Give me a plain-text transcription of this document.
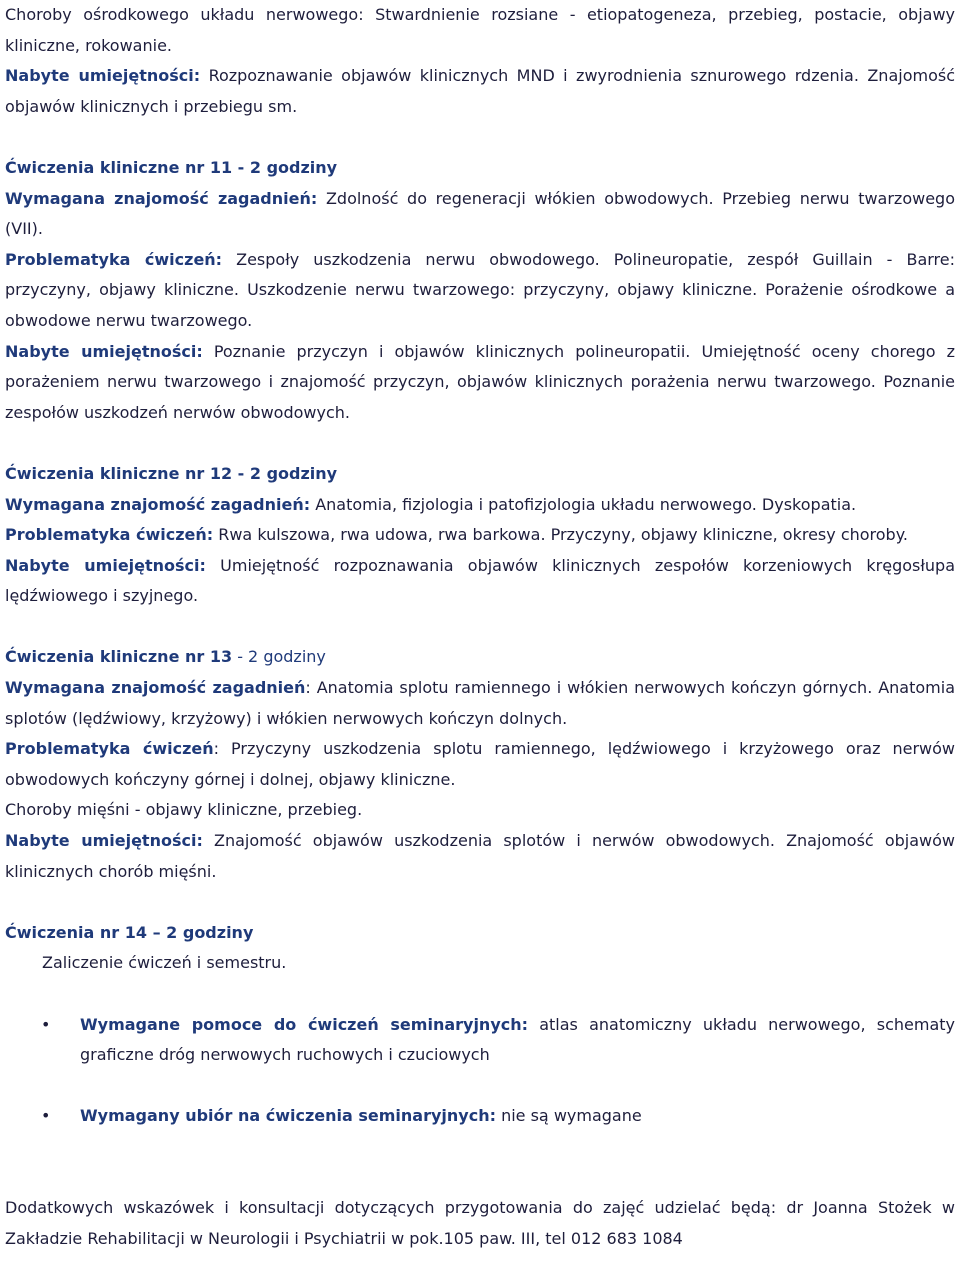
Choroby ośrodkowego układu nerwowego: Stwardnienie rozsiane - etiopatogeneza, przebieg, postacie, objawy kliniczne, rokowanie.

Nabyte umiejętności: Rozpoznawanie objawów klinicznych MND i zwyrodnienia sznurowego rdzenia. Znajomość objawów klinicznych i przebiegu sm.

Ćwiczenia kliniczne nr 11 - 2 godziny

Wymagana znajomość zagadnień: Zdolność do regeneracji włókien obwodowych. Przebieg nerwu twarzowego (VII).

Problematyka ćwiczeń: Zespoły uszkodzenia nerwu obwodowego. Polineuropatie, zespół Guillain - Barre: przyczyny, objawy kliniczne. Uszkodzenie nerwu twarzowego: przyczyny, objawy kliniczne. Porażenie ośrodkowe a obwodowe nerwu twarzowego.

Nabyte umiejętności: Poznanie przyczyn i objawów klinicznych polineuropatii. Umiejętność oceny chorego z porażeniem nerwu twarzowego i znajomość przyczyn, objawów klinicznych porażenia nerwu twarzowego. Poznanie zespołów uszkodzeń nerwów obwodowych.

Ćwiczenia kliniczne nr 12 - 2 godziny

Wymagana znajomość zagadnień: Anatomia, fizjologia i patofizjologia układu nerwowego. Dyskopatia.

Problematyka ćwiczeń: Rwa kulszowa, rwa udowa, rwa barkowa. Przyczyny, objawy kliniczne, okresy choroby.

Nabyte umiejętności: Umiejętność rozpoznawania objawów klinicznych zespołów korzeniowych kręgosłupa lędźwiowego i szyjnego.

Ćwiczenia kliniczne nr 13 - 2 godziny

Wymagana znajomość zagadnień: Anatomia splotu ramiennego i włókien nerwowych kończyn górnych. Anatomia splotów (lędźwiowy, krzyżowy) i włókien nerwowych kończyn dolnych.

Problematyka ćwiczeń: Przyczyny uszkodzenia splotu ramiennego, lędźwiowego i krzyżowego oraz nerwów obwodowych kończyny górnej i dolnej, objawy kliniczne.

Choroby mięśni - objawy kliniczne, przebieg.

Nabyte umiejętności: Znajomość objawów uszkodzenia splotów i nerwów obwodowych. Znajomość objawów klinicznych chorób mięśni.

Ćwiczenia nr 14 – 2 godziny

Zaliczenie ćwiczeń i semestru.

• Wymagane pomoce do ćwiczeń seminaryjnych: atlas anatomiczny układu nerwowego, schematy graficzne dróg nerwowych ruchowych i czuciowych
• Wymagany ubiór na ćwiczenia seminaryjnych: nie są wymagane

Dodatkowych wskazówek i konsultacji dotyczących przygotowania do zajęć udzielać będą: dr Joanna Stożek w Zakładzie Rehabilitacji w Neurologii i Psychiatrii w pok.105 paw. III, tel 012 683 1084
